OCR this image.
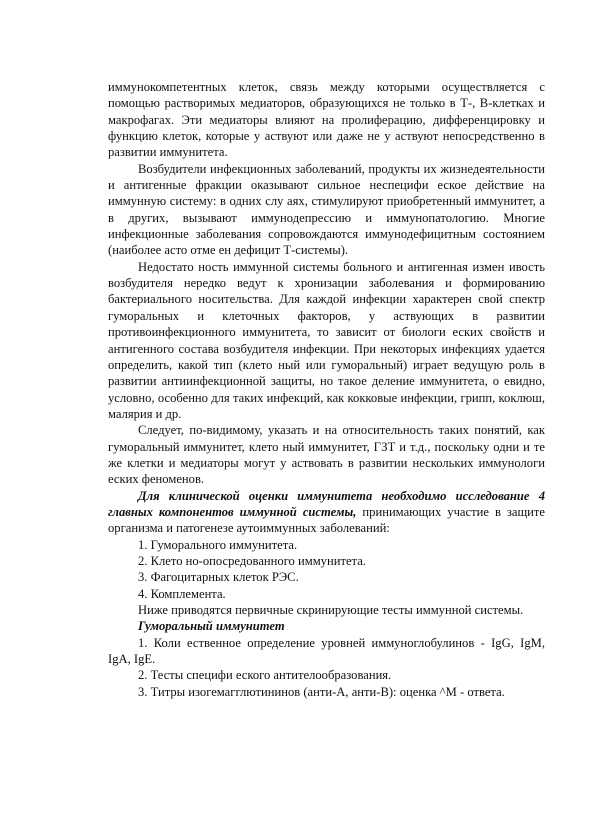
иммунокомпетентных клеток, связь между которыми осуществляется с помощью растворимых медиаторов, образующихся не только в Т-, В-клетках и макрофагах. Эти медиаторы влияют на пролиферацию, дифференцировку и функцию клеток, которые у аствуют или даже не у аствуют непосредственно в развитии иммунитета.

Возбудители инфекционных заболеваний, продукты их жизнедеятельности и антигенные фракции оказывают сильное неспецифи еское действие на иммунную систему: в одних слу аях, стимулируют приобретенный иммунитет, а в других, вызывают иммунодепрессию и иммунопатологию. Многие инфекционные заболевания сопровождаются иммунодефицитным состоянием (наиболее асто отме ен дефицит Т-системы).

Недостато ность иммунной системы больного и антигенная измен ивость возбудителя нередко ведут к хронизации заболевания и формированию бактериального носительства. Для каждой инфекции характерен свой спектр гуморальных и клеточных факторов, у аствующих в развитии противоинфекционного иммунитета, то зависит от биологи еских свойств и антигенного состава возбудителя инфекции. При некоторых инфекциях удается определить, какой тип (клето ный или гуморальный) играет ведущую роль в развитии антиинфекционной защиты, но такое деление иммунитета, о евидно, условно, особенно для таких инфекций, как кокковые инфекции, грипп, коклюш, малярия и др.

Следует, по-видимому, указать и на относительность таких понятий, как гуморальный иммунитет, клето ный иммунитет, ГЗТ и т.д., поскольку одни и те же клетки и медиаторы могут у аствовать в развитии нескольких иммунологи еских феноменов.

Для клинической оценки иммунитета необходимо исследование 4 главных компонентов иммунной системы, принимающих участие в защите организма и патогенезе аутоиммунных заболеваний:

1. Гуморального иммунитета.

2. Клето но-опосредованного иммунитета.

3. Фагоцитарных клеток РЭС.

4. Комплемента.

Ниже приводятся первичные скринирующие тесты иммунной системы.

Гуморальный иммунитет

1. Коли ественное определение уровней иммуноглобулинов - IgG, IgM, IgA, IgE.

2. Тесты специфи еского антителообразования.

3. Титры изогемагглютининов (анти-А, анти-В): оценка ^М - ответа.
